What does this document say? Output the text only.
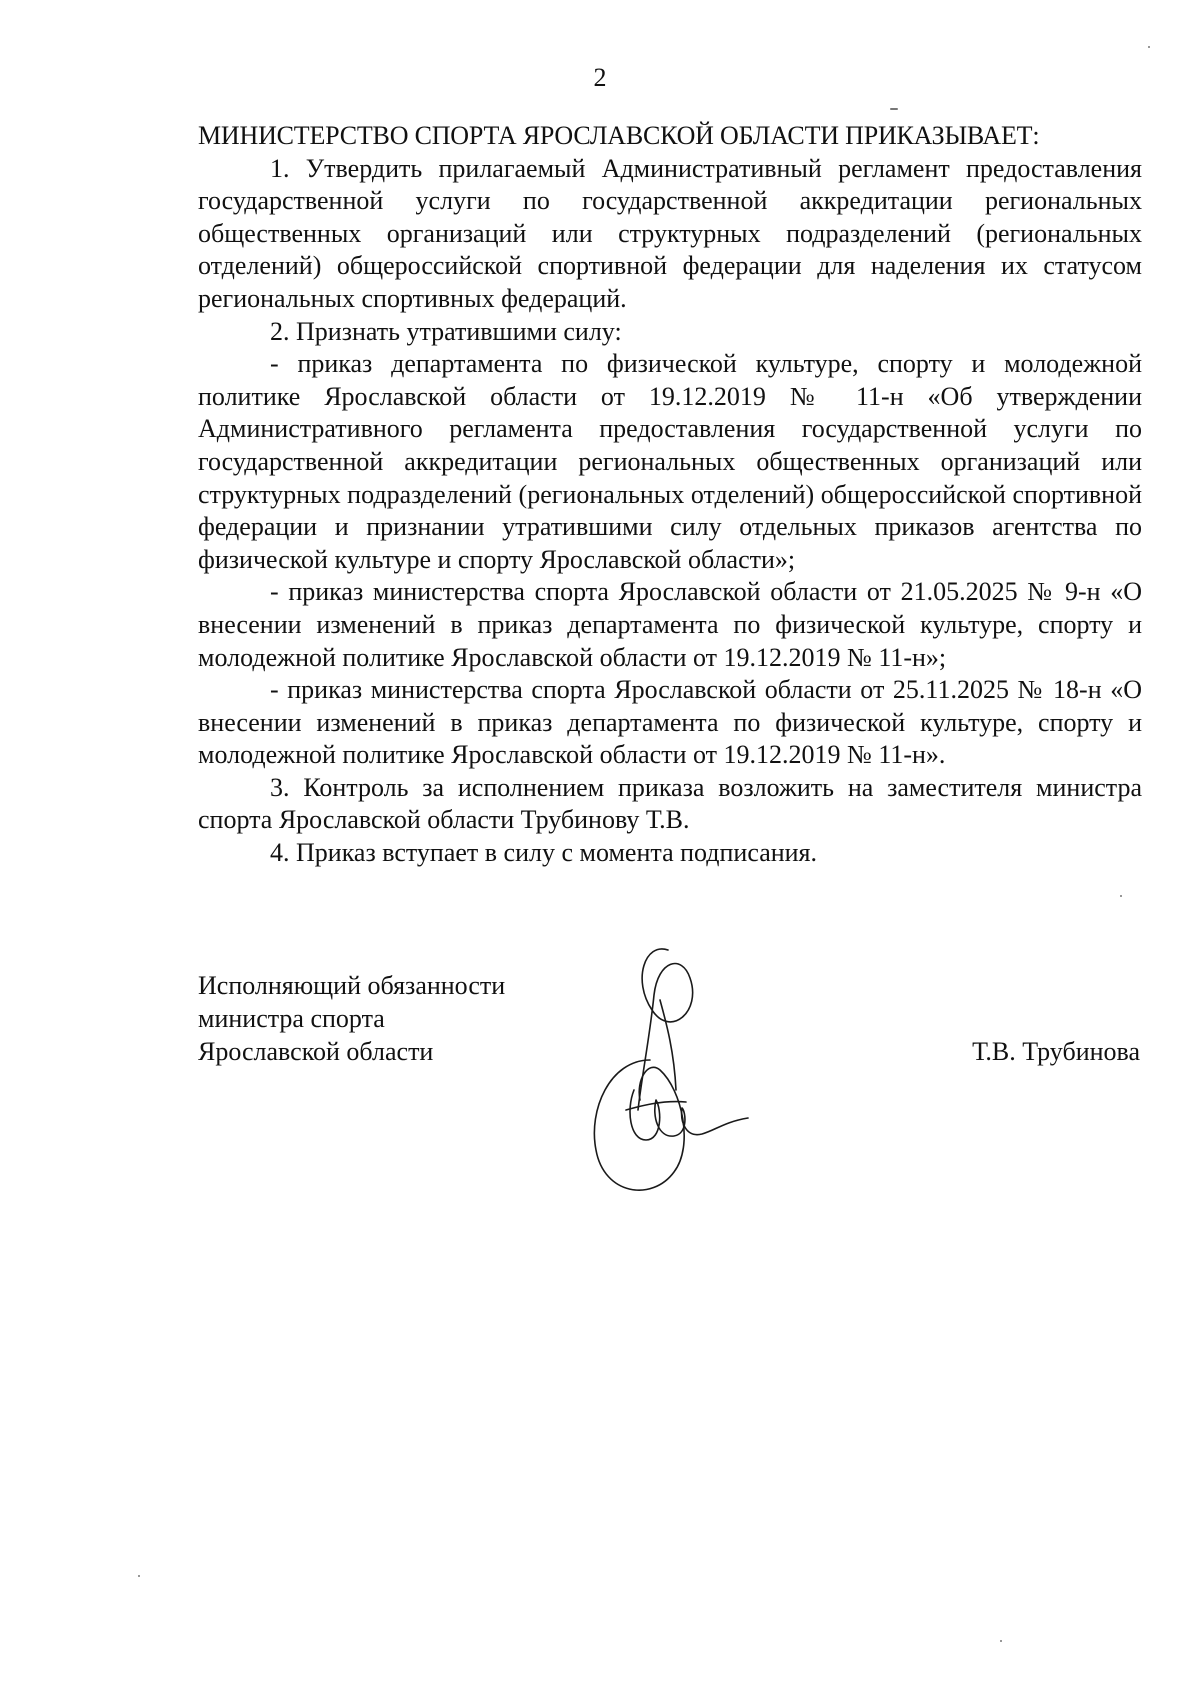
2

МИНИСТЕРСТВО СПОРТА ЯРОСЛАВСКОЙ ОБЛАСТИ ПРИКАЗЫВАЕТ:

1. Утвердить прилагаемый Административный регламент предоставления государственной услуги по государственной аккредитации региональных общественных организаций или структурных подразделений (региональных отделений) общероссийской спортивной федерации для наделения их статусом региональных спортивных федераций.

2. Признать утратившими силу:

- приказ департамента по физической культуре, спорту и молодежной политике Ярославской области от 19.12.2019 № 11-н «Об утверждении Административного регламента предоставления государственной услуги по государственной аккредитации региональных общественных организаций или структурных подразделений (региональных отделений) общероссийской спортивной федерации и признании утратившими силу отдельных приказов агентства по физической культуре и спорту Ярославской области»;

- приказ министерства спорта Ярославской области от 21.05.2025 № 9-н «О внесении изменений в приказ департамента по физической культуре, спорту и молодежной политике Ярославской области от 19.12.2019 № 11-н»;

- приказ министерства спорта Ярославской области от 25.11.2025 № 18-н «О внесении изменений в приказ департамента по физической культуре, спорту и молодежной политике Ярославской области от 19.12.2019 № 11-н».

3. Контроль за исполнением приказа возложить на заместителя министра спорта Ярославской области Трубинову Т.В.

4. Приказ вступает в силу с момента подписания.

Исполняющий обязанности
министра спорта
Ярославской области	Т.В. Трубинова
